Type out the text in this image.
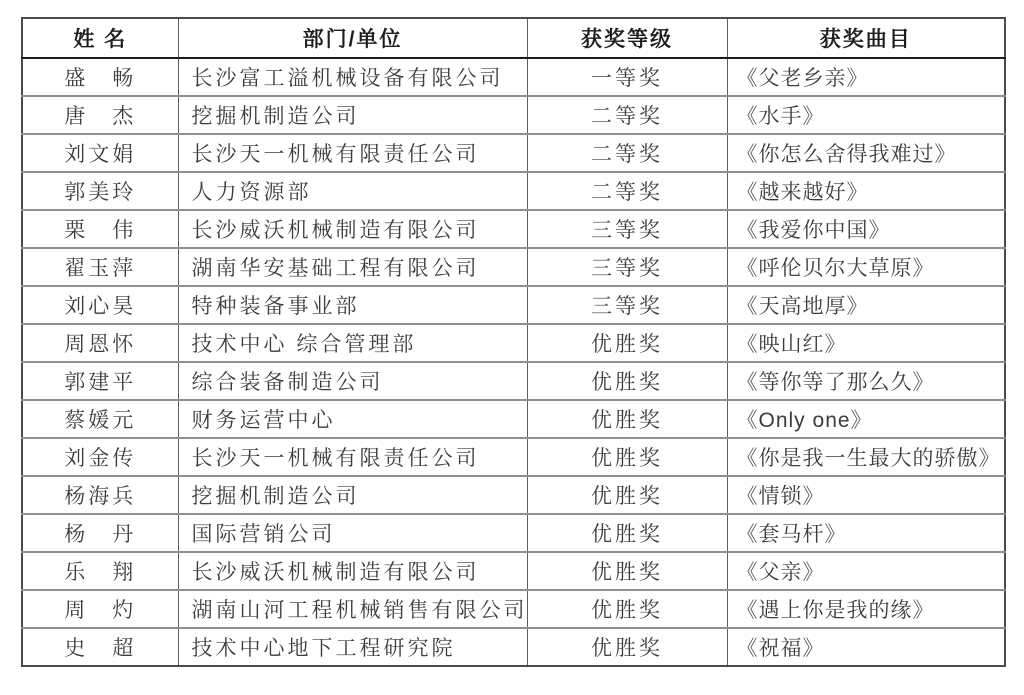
姓 名	部门/单位	获奖等级	获奖曲目
盛　畅	长沙富工溢机械设备有限公司	一等奖	《父老乡亲》
唐　杰	挖掘机制造公司	二等奖	《水手》
刘文娟	长沙天一机械有限责任公司	二等奖	《你怎么舍得我难过》
郭美玲	人力资源部	二等奖	《越来越好》
栗　伟	长沙威沃机械制造有限公司	三等奖	《我爱你中国》
翟玉萍	湖南华安基础工程有限公司	三等奖	《呼伦贝尔大草原》
刘心昊	特种装备事业部	三等奖	《天高地厚》
周恩怀	技术中心 综合管理部	优胜奖	《映山红》
郭建平	综合装备制造公司	优胜奖	《等你等了那么久》
蔡媛元	财务运营中心	优胜奖	《Only one》
刘金传	长沙天一机械有限责任公司	优胜奖	《你是我一生最大的骄傲》
杨海兵	挖掘机制造公司	优胜奖	《情锁》
杨　丹	国际营销公司	优胜奖	《套马杆》
乐　翔	长沙威沃机械制造有限公司	优胜奖	《父亲》
周　灼	湖南山河工程机械销售有限公司	优胜奖	《遇上你是我的缘》
史　超	技术中心地下工程研究院	优胜奖	《祝福》
